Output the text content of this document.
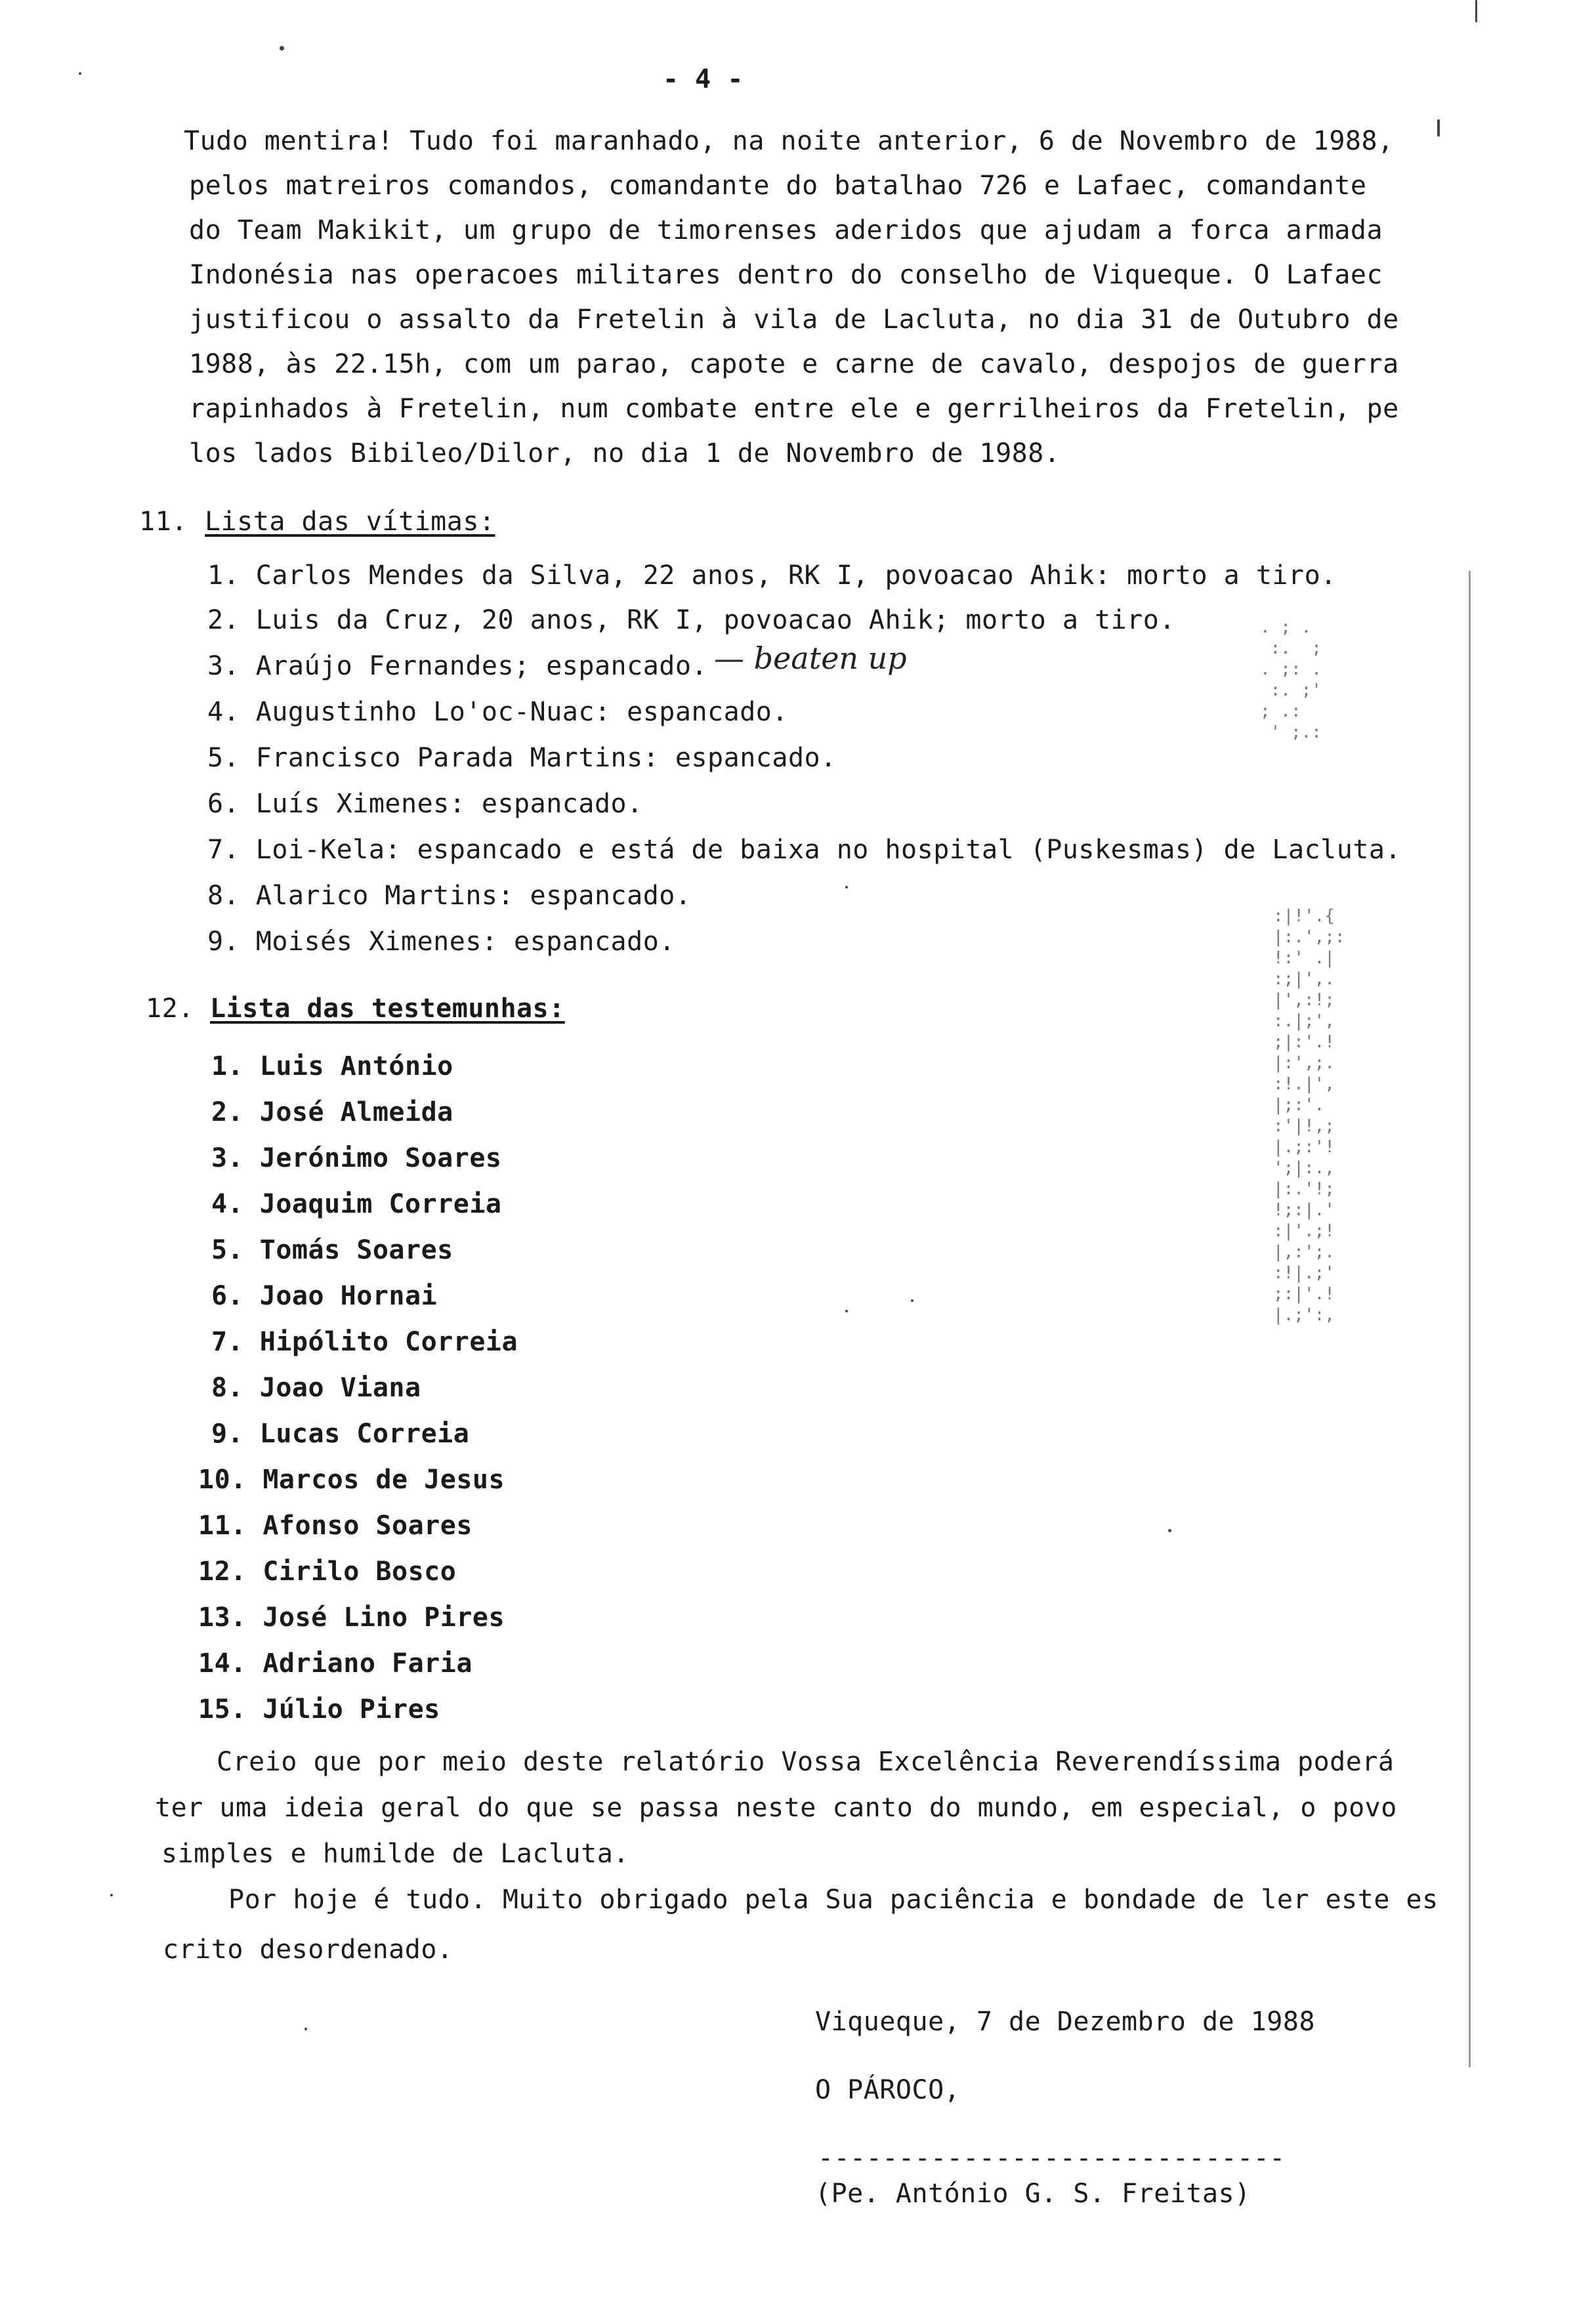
- 4 -
Tudo mentira! Tudo foi maranhado, na noite anterior, 6 de Novembro de 1988,
pelos matreiros comandos, comandante do batalhao 726 e Lafaec, comandante
do Team Makikit, um grupo de timorenses aderidos que ajudam a forca armada
Indonésia nas operacoes militares dentro do conselho de Viqueque. O Lafaec
justificou o assalto da Fretelin à vila de Lacluta, no dia 31 de Outubro de
1988, às 22.15h, com um parao, capote e carne de cavalo, despojos de guerra
rapinhados à Fretelin, num combate entre ele e gerrilheiros da Fretelin, pe
los lados Bibileo/Dilor, no dia 1 de Novembro de 1988.
11. Lista das vítimas:
1. Carlos Mendes da Silva, 22 anos, RK I, povoacao Ahik: morto a tiro.
2. Luis da Cruz, 20 anos, RK I, povoacao Ahik; morto a tiro.
3. Araújo Fernandes; espancado. — beaten up
4. Augustinho Lo'oc-Nuac: espancado.
5. Francisco Parada Martins: espancado.
6. Luís Ximenes: espancado.
7. Loi-Kela: espancado e está de baixa no hospital (Puskesmas) de Lacluta.
8. Alarico Martins: espancado.
9. Moisés Ximenes: espancado.
12. Lista das testemunhas:
1. Luis António
2. José Almeida
3. Jerónimo Soares
4. Joaquim Correia
5. Tomás Soares
6. Joao Hornai
7. Hipólito Correia
8. Joao Viana
9. Lucas Correia
10. Marcos de Jesus
11. Afonso Soares
12. Cirilo Bosco
13. José Lino Pires
14. Adriano Faria
15. Júlio Pires
Creio que por meio deste relatório Vossa Excelência Reverendíssima poderá
ter uma ideia geral do que se passa neste canto do mundo, em especial, o povo
simples e humilde de Lacluta.
Por hoje é tudo. Muito obrigado pela Sua paciência e bondade de ler este es
crito desordenado.
Viqueque, 7 de Dezembro de 1988
O PÁROCO,
-----------------------------
(Pe. António G. S. Freitas)
:|!'.{
|:.',;:
!:' .|
:;|',.
|',:!;
:.|;',
;|:'.!
|:',;.
:!.|',
|;:'.
:'|!,;
|.;:'!
';|:.,
|:.'!;
!;:|.'
:|'.;!
|,:';.
:!|.;'
;:|'.!
|.;':,
. ; .
:.  ;
. ;: .
:. ;'
; .:
' ;.:
